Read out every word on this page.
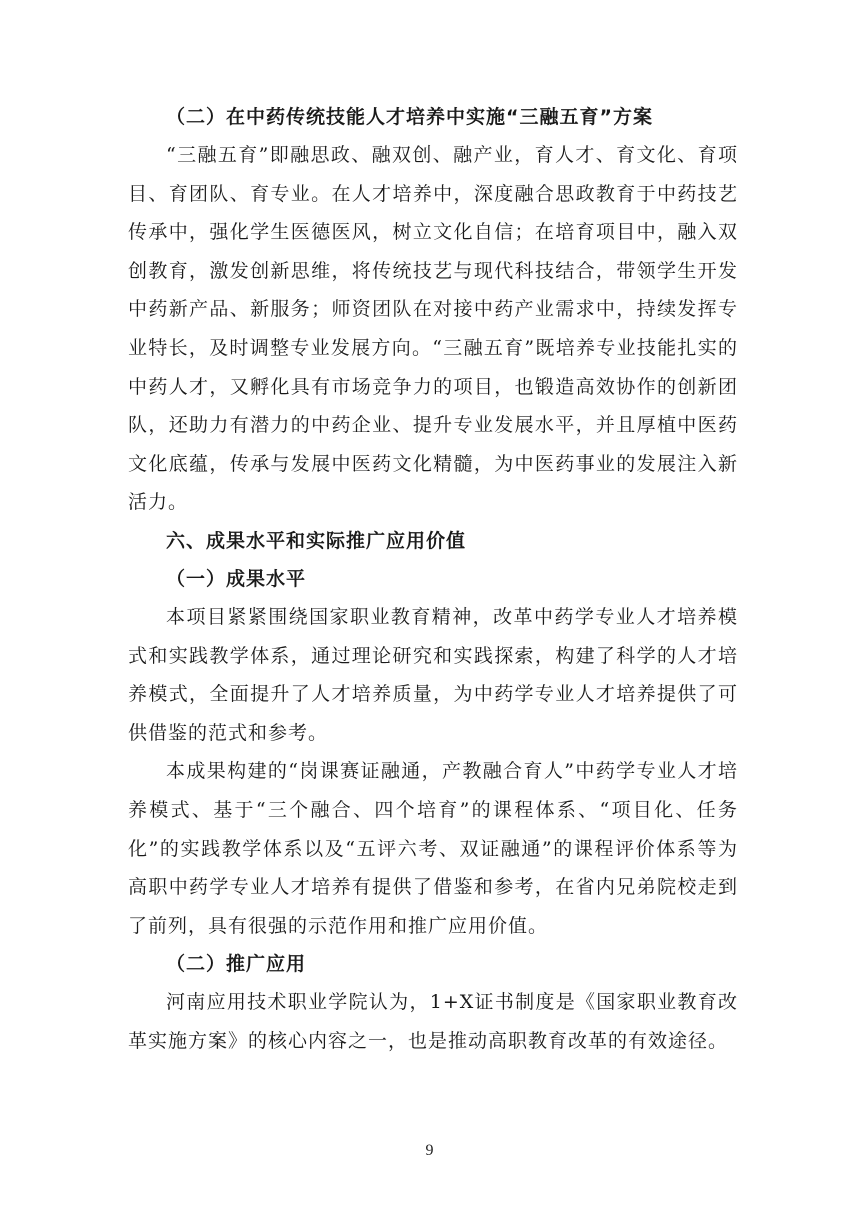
（二）在中药传统技能人才培养中实施“三融五育”方案

“三融五育”即融思政、融双创、融产业，育人才、育文化、育项目、育团队、育专业。在人才培养中，深度融合思政教育于中药技艺传承中，强化学生医德医风，树立文化自信；在培育项目中，融入双创教育，激发创新思维，将传统技艺与现代科技结合，带领学生开发中药新产品、新服务；师资团队在对接中药产业需求中，持续发挥专业特长，及时调整专业发展方向。“三融五育”既培养专业技能扎实的中药人才，又孵化具有市场竞争力的项目，也锻造高效协作的创新团队，还助力有潜力的中药企业、提升专业发展水平，并且厚植中医药文化底蕴，传承与发展中医药文化精髓，为中医药事业的发展注入新活力。

六、成果水平和实际推广应用价值

（一）成果水平

本项目紧紧围绕国家职业教育精神，改革中药学专业人才培养模式和实践教学体系，通过理论研究和实践探索，构建了科学的人才培养模式，全面提升了人才培养质量，为中药学专业人才培养提供了可供借鉴的范式和参考。

本成果构建的“岗课赛证融通，产教融合育人”中药学专业人才培养模式、基于“三个融合、四个培育”的课程体系、“项目化、任务化”的实践教学体系以及“五评六考、双证融通”的课程评价体系等为高职中药学专业人才培养有提供了借鉴和参考，在省内兄弟院校走到了前列，具有很强的示范作用和推广应用价值。

（二）推广应用

河南应用技术职业学院认为，1+X证书制度是《国家职业教育改革实施方案》的核心内容之一，也是推动高职教育改革的有效途径。

9
